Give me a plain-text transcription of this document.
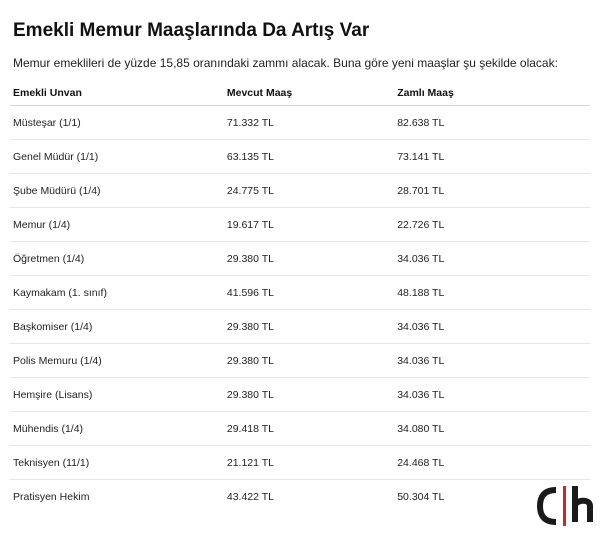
Emekli Memur Maaşlarında Da Artış Var
Memur emeklileri de yüzde 15,85 oranındaki zammı alacak. Buna göre yeni maaşlar şu şekilde olacak:
Emekli Unvan	Mevcut Maaş	Zamlı Maaş
Müsteşar (1/1)	71.332 TL	82.638 TL
Genel Müdür (1/1)	63.135 TL	73.141 TL
Şube Müdürü (1/4)	24.775 TL	28.701 TL
Memur (1/4)	19.617 TL	22.726 TL
Öğretmen (1/4)	29.380 TL	34.036 TL
Kaymakam (1. sınıf)	41.596 TL	48.188 TL
Başkomiser (1/4)	29.380 TL	34.036 TL
Polis Memuru (1/4)	29.380 TL	34.036 TL
Hemşire (Lisans)	29.380 TL	34.036 TL
Mühendis (1/4)	29.418 TL	34.080 TL
Teknisyen (11/1)	21.121 TL	24.468 TL
Pratisyen Hekim	43.422 TL	50.304 TL
